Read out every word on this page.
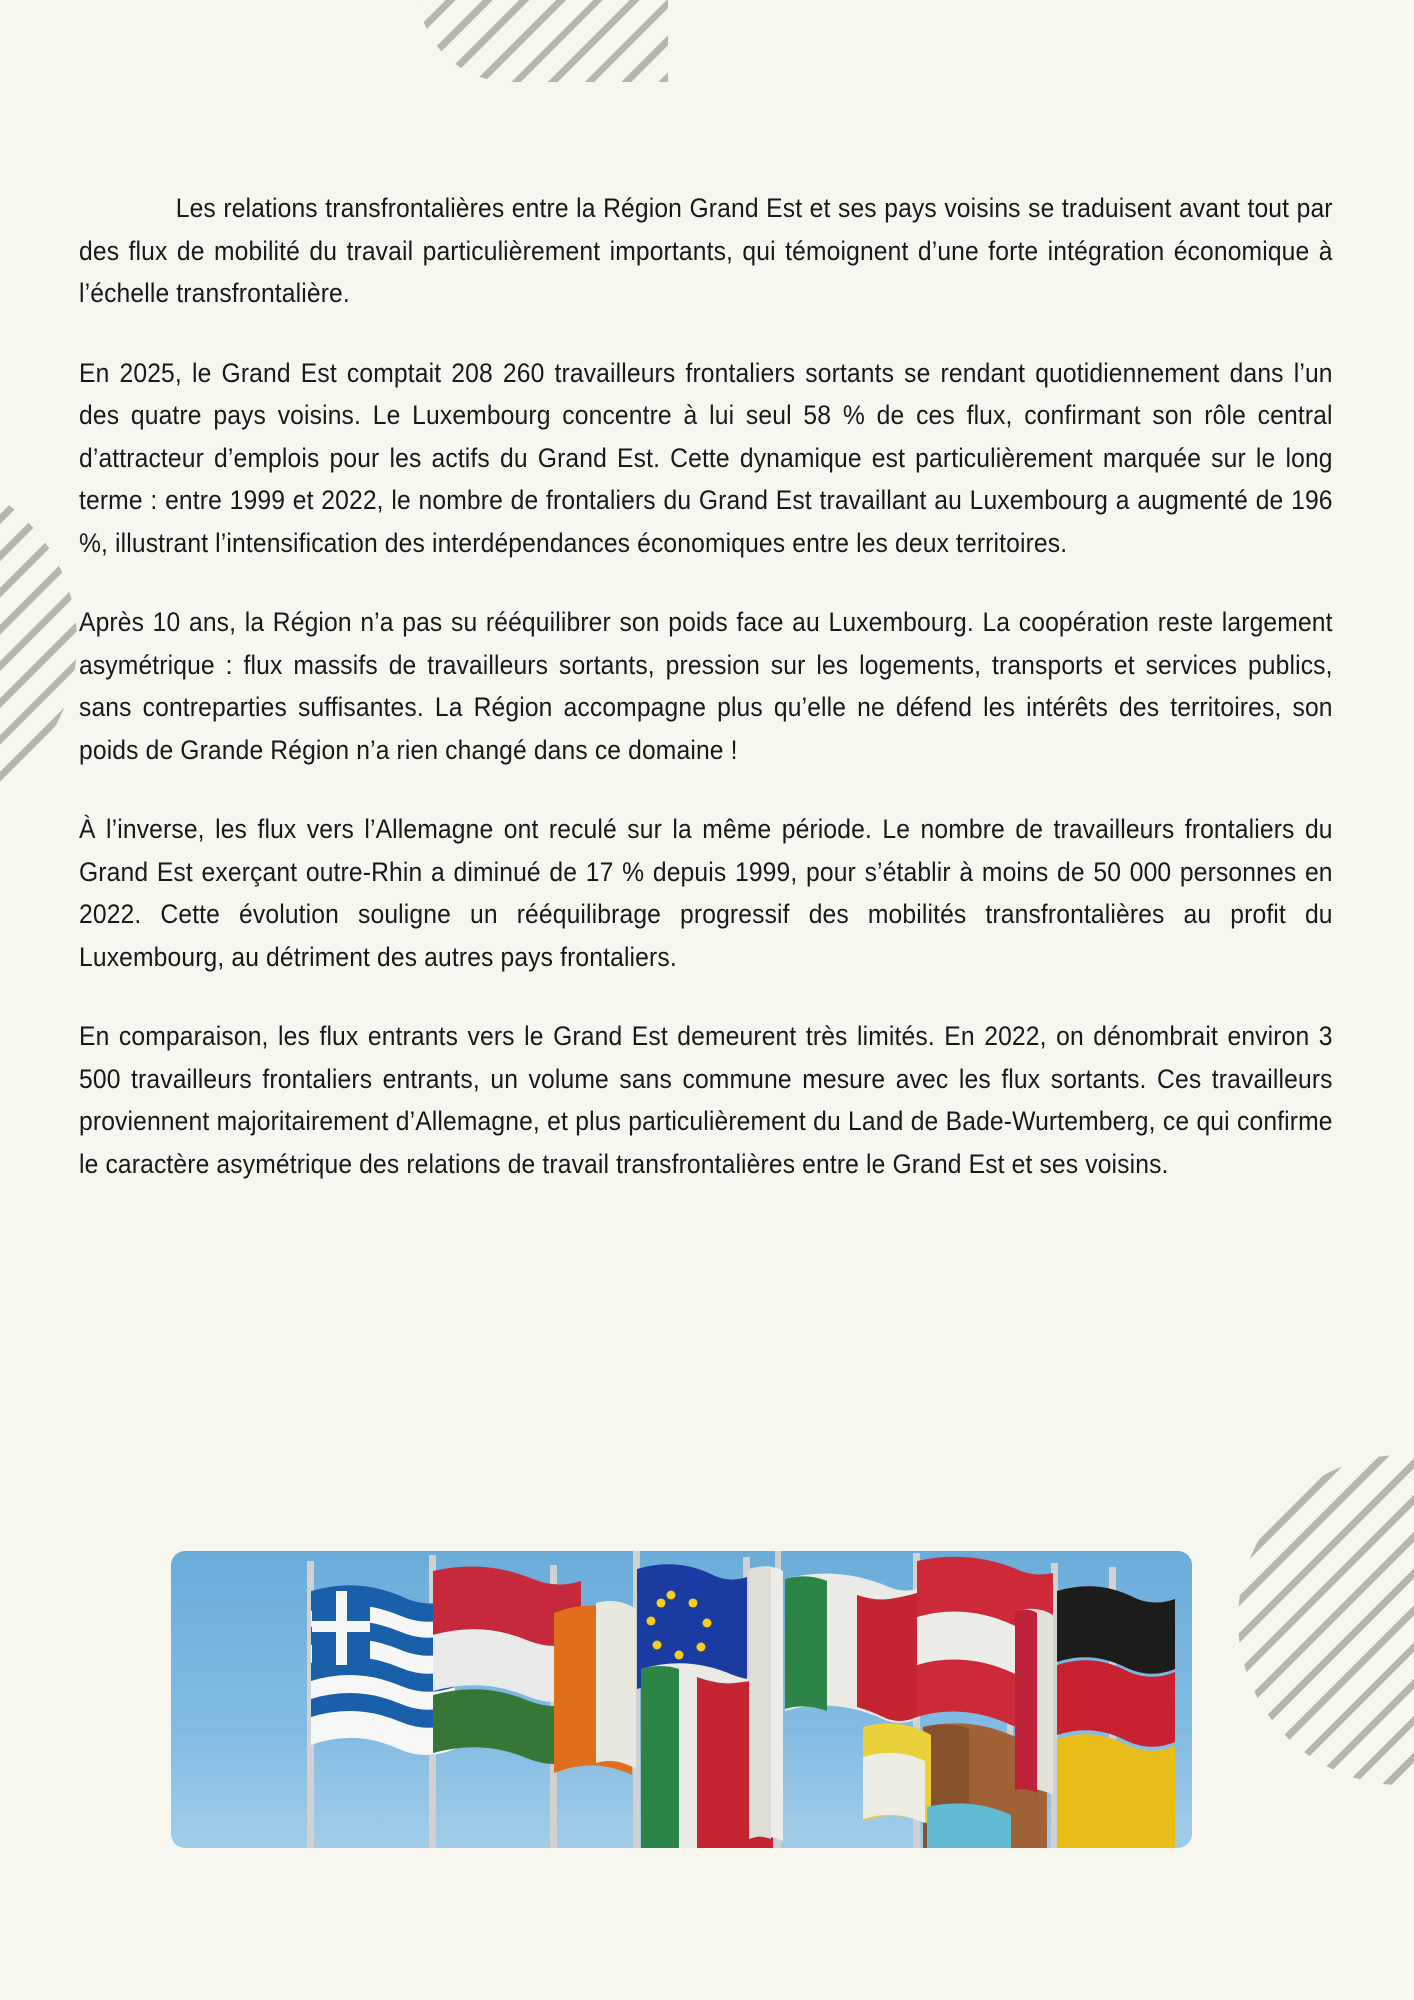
Les relations transfrontalières entre la Région Grand Est et ses pays voisins se traduisent avant tout par des flux de mobilité du travail particulièrement importants, qui témoignent d’une forte intégration économique à l’échelle transfrontalière.

En 2025, le Grand Est comptait 208 260 travailleurs frontaliers sortants se rendant quotidiennement dans l’un des quatre pays voisins. Le Luxembourg concentre à lui seul 58 % de ces flux, confirmant son rôle central d’attracteur d’emplois pour les actifs du Grand Est. Cette dynamique est particulièrement marquée sur le long terme : entre 1999 et 2022, le nombre de frontaliers du Grand Est travaillant au Luxembourg a augmenté de 196 %, illustrant l’intensification des interdépendances économiques entre les deux territoires.

Après 10 ans, la Région n’a pas su rééquilibrer son poids face au Luxembourg. La coopération reste largement asymétrique : flux massifs de travailleurs sortants, pression sur les logements, transports et services publics, sans contreparties suffisantes. La Région accompagne plus qu’elle ne défend les intérêts des territoires, son poids de Grande Région n’a rien changé dans ce domaine !

À l’inverse, les flux vers l’Allemagne ont reculé sur la même période. Le nombre de travailleurs frontaliers du Grand Est exerçant outre-Rhin a diminué de 17 % depuis 1999, pour s’établir à moins de 50 000 personnes en 2022. Cette évolution souligne un rééquilibrage progressif des mobilités transfrontalières au profit du Luxembourg, au détriment des autres pays frontaliers.

En comparaison, les flux entrants vers le Grand Est demeurent très limités. En 2022, on dénombrait environ 3 500 travailleurs frontaliers entrants, un volume sans commune mesure avec les flux sortants. Ces travailleurs proviennent majoritairement d’Allemagne, et plus particulièrement du Land de Bade-Wurtemberg, ce qui confirme le caractère asymétrique des relations de travail transfrontalières entre le Grand Est et ses voisins.
